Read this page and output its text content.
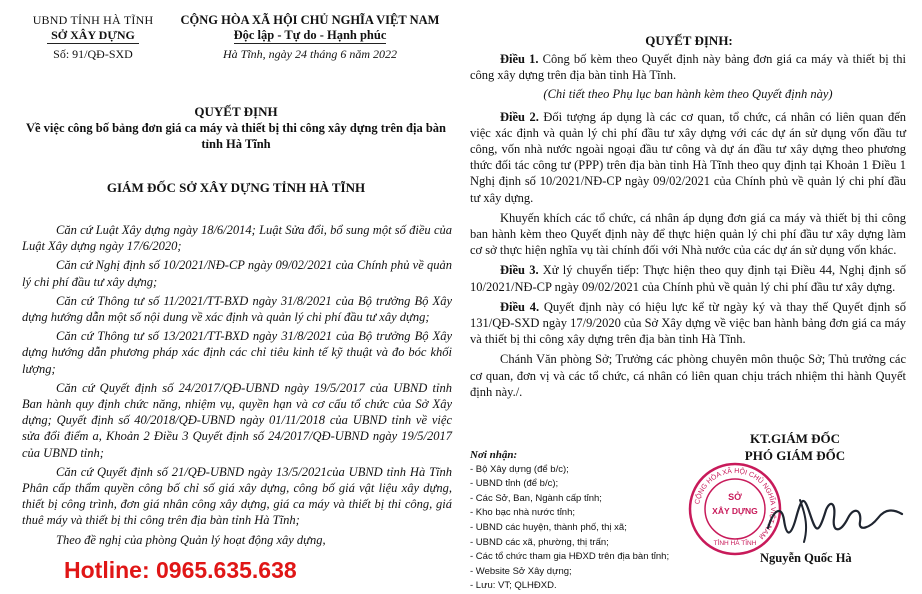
UBND TỈNH HÀ TĨNH
SỞ XÂY DỰNG
Số: 91/QĐ-SXD
CỘNG HÒA XÃ HỘI CHỦ NGHĨA VIỆT NAM
Độc lập - Tự do - Hạnh phúc
Hà Tĩnh, ngày 24 tháng 6 năm 2022
QUYẾT ĐỊNH
Về việc công bố bảng đơn giá ca máy và thiết bị thi công xây dựng trên địa bàn
tỉnh Hà Tĩnh
GIÁM ĐỐC SỞ XÂY DỰNG TỈNH HÀ TĨNH
Căn cứ Luật Xây dựng ngày 18/6/2014; Luật Sửa đổi, bổ sung một số điều của Luật Xây dựng ngày 17/6/2020;
Căn cứ Nghị định số 10/2021/NĐ-CP ngày 09/02/2021 của Chính phủ về quản lý chi phí đầu tư xây dựng;
Căn cứ Thông tư số 11/2021/TT-BXD ngày 31/8/2021 của Bộ trưởng Bộ Xây dựng hướng dẫn một số nội dung về xác định và quản lý chi phí đầu tư xây dựng;
Căn cứ Thông tư số 13/2021/TT-BXD ngày 31/8/2021 của Bộ trưởng Bộ Xây dựng hướng dẫn phương pháp xác định các chỉ tiêu kinh tế kỹ thuật và đo bóc khối lượng;
Căn cứ Quyết định số 24/2017/QĐ-UBND ngày 19/5/2017 của UBND tỉnh Ban hành quy định chức năng, nhiệm vụ, quyền hạn và cơ cấu tổ chức của Sở Xây dựng; Quyết định số 40/2018/QĐ-UBND ngày 01/11/2018 của UBND tỉnh về việc sửa đổi điểm a, Khoản 2 Điều 3 Quyết định số 24/2017/QĐ-UBND ngày 19/5/2017 của UBND tỉnh;
Căn cứ Quyết định số 21/QĐ-UBND ngày 13/5/2021của UBND tỉnh Hà Tĩnh Phân cấp thẩm quyền công bố chỉ số giá xây dựng, công bố giá vật liệu xây dựng, thiết bị công trình, đơn giá nhân công xây dựng, giá ca máy và thiết bị thi công, giá thuê máy và thiết bị thi công trên địa bàn tỉnh Hà Tĩnh;
Theo đề nghị của phòng Quản lý hoạt động xây dựng,
Hotline: 0965.635.638
QUYẾT ĐỊNH:
Điều 1. Công bố kèm theo Quyết định này bảng đơn giá ca máy và thiết bị thi công xây dựng trên địa bàn tỉnh Hà Tĩnh.
(Chi tiết theo Phụ lục ban hành kèm theo Quyết định này)
Điều 2. Đối tượng áp dụng là các cơ quan, tổ chức, cá nhân có liên quan đến việc xác định và quản lý chi phí đầu tư xây dựng với các dự án sử dụng vốn đầu tư công, vốn nhà nước ngoài ngoại đầu tư công và dự án đầu tư xây dựng theo phương thức đối tác công tư (PPP) trên địa bàn tỉnh Hà Tĩnh theo quy định tại Khoản 1 Điều 1 Nghị định số 10/2021/NĐ-CP ngày 09/02/2021 của Chính phủ về quản lý chi phí đầu tư xây dựng.
Khuyến khích các tổ chức, cá nhân áp dụng đơn giá ca máy và thiết bị thi công ban hành kèm theo Quyết định này để thực hiện quản lý chi phí đầu tư xây dựng làm cơ sở thực hiện nghĩa vụ tài chính đối với Nhà nước của các dự án sử dụng vốn khác.
Điều 3. Xử lý chuyển tiếp: Thực hiện theo quy định tại Điều 44, Nghị định số 10/2021/NĐ-CP ngày 09/02/2021 của Chính phủ về quản lý chi phí đầu tư xây dựng.
Điều 4. Quyết định này có hiệu lực kể từ ngày ký và thay thế Quyết định số 131/QĐ-SXD ngày 17/9/2020 của Sở Xây dựng về việc ban hành bảng đơn giá ca máy và thiết bị thi công xây dựng trên địa bàn tỉnh Hà Tĩnh.
Chánh Văn phòng Sở; Trưởng các phòng chuyên môn thuộc Sở; Thủ trưởng các cơ quan, đơn vị và các tổ chức, cá nhân có liên quan chịu trách nhiệm thi hành Quyết định này./.
Nơi nhận:
- Bộ Xây dựng (để b/c);
- UBND tỉnh (để b/c);
- Các Sở, Ban, Ngành cấp tỉnh;
- Kho bạc nhà nước tỉnh;
- UBND các huyện, thành phố, thị xã;
- UBND các xã, phường, thị trấn;
- Các tổ chức tham gia HĐXD trên địa bàn tỉnh;
- Website Sở Xây dựng;
- Lưu: VT; QLHĐXD.
KT.GIÁM ĐỐC
PHÓ GIÁM ĐỐC
CỘNG HÒA XÃ HỘI CHỦ NGHĨA VIỆT NAM
SỞ
XÂY DỰNG
TỈNH HÀ TĨNH
Nguyễn Quốc Hà
